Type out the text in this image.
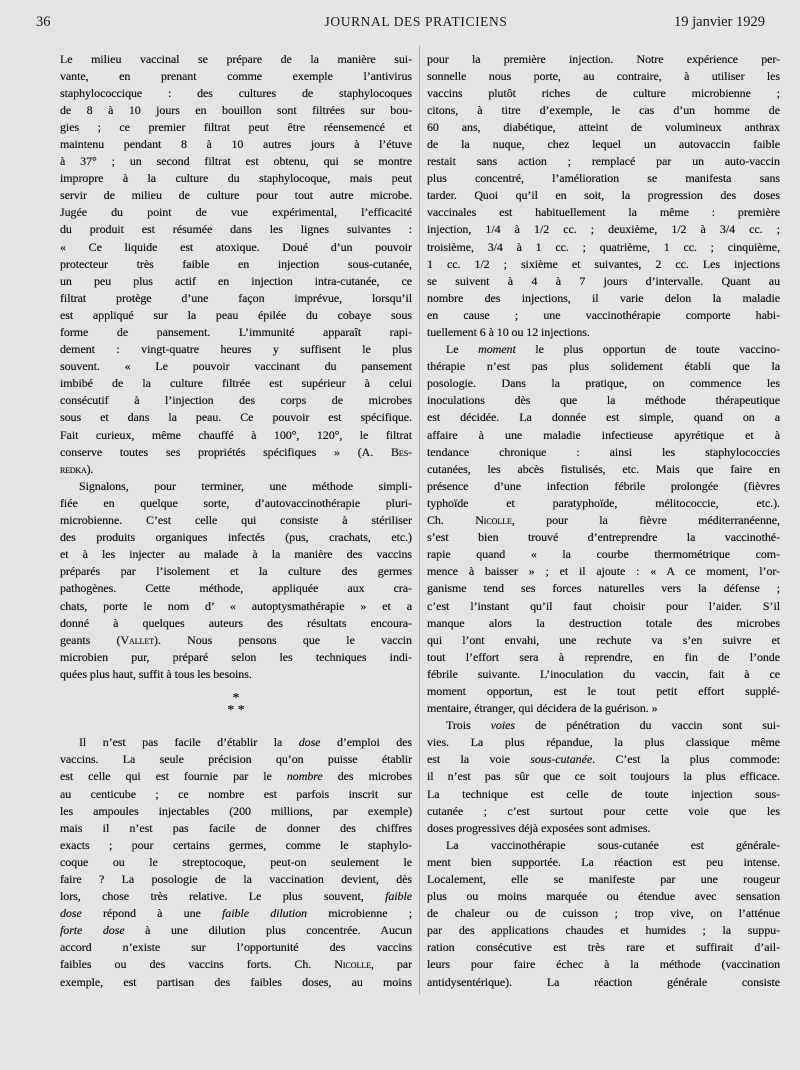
36	JOURNAL DES PRATICIENS	19 janvier 1929
Le milieu vaccinal se prépare de la manière sui-
vante, en prenant comme exemple l’antivirus
staphylococcique : des cultures de staphylocoques
de 8 à 10 jours en bouillon sont filtrées sur bou-
gies ; ce premier filtrat peut être réensemencé et
maintenu pendant 8 à 10 autres jours à l’étuve
à 37° ; un second filtrat est obtenu, qui se montre
impropre à la culture du staphylocoque, mais peut
servir de milieu de culture pour tout autre microbe.
Jugée du point de vue expérimental, l’efficacité
du produit est résumée dans les lignes suivantes :
« Ce liquide est atoxique. Doué d’un pouvoir
protecteur très faible en injection sous-cutanée,
un peu plus actif en injection intra-cutanée, ce
filtrat protège d’une façon imprévue, lorsqu’il
est appliqué sur la peau épilée du cobaye sous
forme de pansement. L’immunité apparaît rapi-
dement : vingt-quatre heures y suffisent le plus
souvent. « Le pouvoir vaccinant du pansement
imbibé de la culture filtrée est supérieur à celui
consécutif à l’injection des corps de microbes
sous et dans la peau. Ce pouvoir est spécifique.
Fait curieux, même chauffé à 100°, 120°, le filtrat
conserve toutes ses propriétés spécifiques » (A. Bes-
redka).
Signalons, pour terminer, une méthode simpli-
fiée en quelque sorte, d’autovaccinothérapie pluri-
microbienne. C’est celle qui consiste à stériliser
des produits organiques infectés (pus, crachats, etc.)
et à les injecter au malade à la manière des vaccins
préparés par l’isolement et la culture des germes
pathogènes. Cette méthode, appliquée aux cra-
chats, porte le nom d’ « autoptysmathérapie » et a
donné à quelques auteurs des résultats encoura-
geants (Vallet). Nous pensons que le vaccin
microbien pur, préparé selon les techniques indi-
quées plus haut, suffit à tous les besoins.
*
* *
Il n’est pas facile d’établir la dose d’emploi des
vaccins. La seule précision qu’on puisse établir
est celle qui est fournie par le nombre des microbes
au centicube ; ce nombre est parfois inscrit sur
les ampoules injectables (200 millions, par exemple)
mais il n’est pas facile de donner des chiffres
exacts ; pour certains germes, comme le staphylo-
coque ou le streptocoque, peut-on seulement le
faire ? La posologie de la vaccination devient, dès
lors, chose très relative. Le plus souvent, faible
dose répond à une faible dilution microbienne ;
forte dose à une dilution plus concentrée. Aucun
accord n’existe sur l’opportunité des vaccins
faibles ou des vaccins forts. Ch. Nicolle, par
exemple, est partisan des faibles doses, au moins
pour la première injection. Notre expérience per-
sonnelle nous porte, au contraire, à utiliser les
vaccins plutôt riches de culture microbienne ;
citons, à titre d’exemple, le cas d’un homme de
60 ans, diabétique, atteint de volumineux anthrax
de la nuque, chez lequel un autovaccin faible
restait sans action ; remplacé par un auto-vaccin
plus concentré, l’amélioration se manifesta sans
tarder. Quoi qu’il en soit, la progression des doses
vaccinales est habituellement la même : première
injection, 1/4 à 1/2 cc. ; deuxième, 1/2 à 3/4 cc. ;
troisième, 3/4 à 1 cc. ; quatrième, 1 cc. ; cinquième,
1 cc. 1/2 ; sixième et suivantes, 2 cc. Les injections
se suivent à 4 à 7 jours d’intervalle. Quant au
nombre des injections, il varie delon la maladie
en cause ; une vaccinothérapie comporte habi-
tuellement 6 à 10 ou 12 injections.
Le moment le plus opportun de toute vaccino-
thérapie n’est pas plus solidement établi que la
posologie. Dans la pratique, on commence les
inoculations dès que la méthode thérapeutique
est décidée. La donnée est simple, quand on a
affaire à une maladie infectieuse apyrétique et à
tendance chronique : ainsi les staphylococcies
cutanées, les abcès fistulisés, etc. Mais que faire en
présence d’une infection fébrile prolongée (fièvres
typhoïde et paratyphoïde, mélitococcie, etc.).
Ch. Nicolle, pour la fièvre méditerranéenne,
s’est bien trouvé d’entreprendre la vaccinothé-
rapie quand « la courbe thermométrique com-
mence à baisser » ; et il ajoute : « A ce moment, l’or-
ganisme tend ses forces naturelles vers la défense ;
c’est l’instant qu’il faut choisir pour l’aider. S’il
manque alors la destruction totale des microbes
qui l’ont envahi, une rechute va s’en suivre et
tout l’effort sera à reprendre, en fin de l’onde
fébrile suivante. L’inoculation du vaccin, fait à ce
moment opportun, est le tout petit effort supplé-
mentaire, étranger, qui décidera de la guérison. »
Trois voies de pénétration du vaccin sont sui-
vies. La plus répandue, la plus classique même
est la voie sous-cutanée. C’est la plus commode:
il n’est pas sûr que ce soit toujours la plus efficace.
La technique est celle de toute injection sous-
cutanée ; c’est surtout pour cette voie que les
doses progressives déjà exposées sont admises.
La vaccinothérapie sous-cutanée est générale-
ment bien supportée. La réaction est peu intense.
Localement, elle se manifeste par une rougeur
plus ou moins marquée ou étendue avec sensation
de chaleur ou de cuisson ; trop vive, on l’atténue
par des applications chaudes et humides ; la suppu-
ration consécutive est très rare et suffirait d’ail-
leurs pour faire échec à la méthode (vaccination
antidysentérique). La réaction générale consiste
